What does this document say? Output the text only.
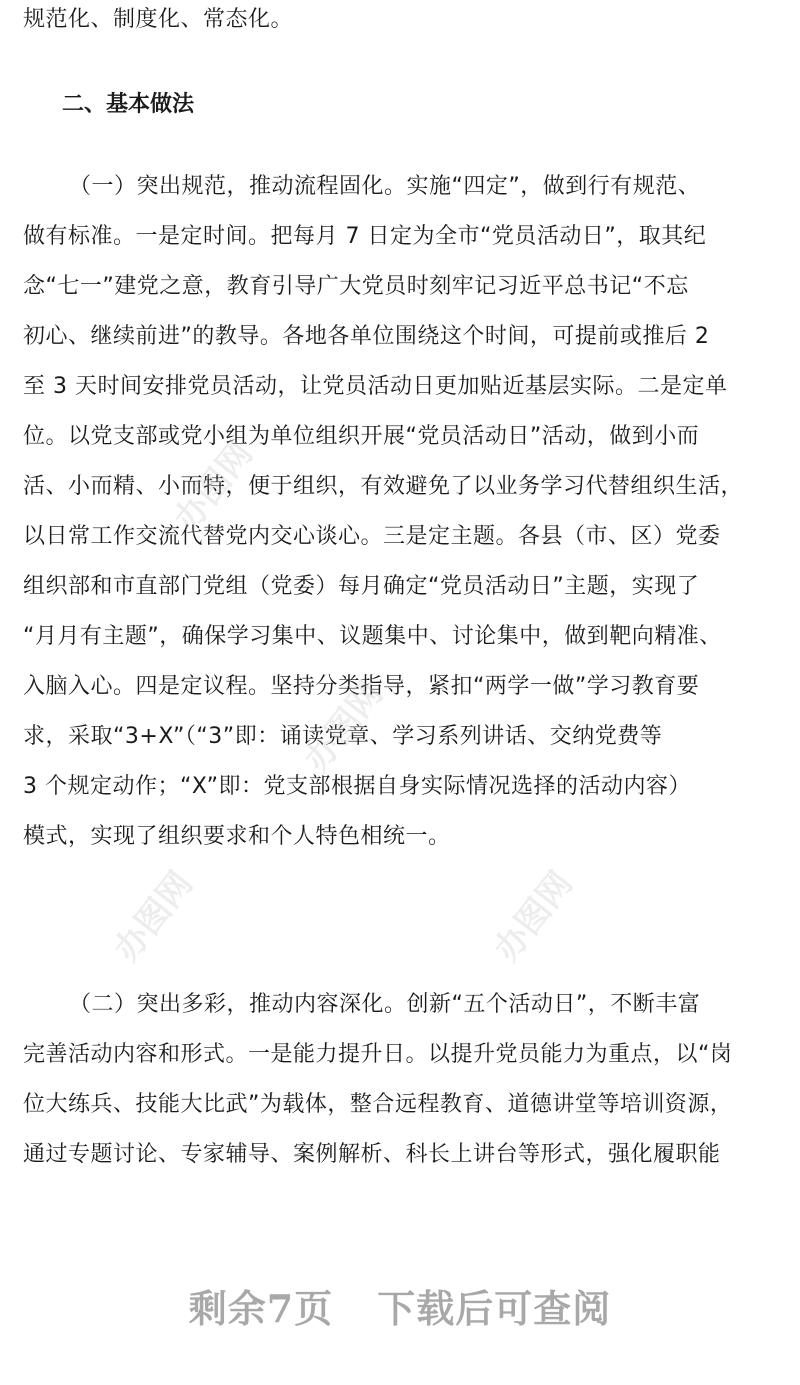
规范化、制度化、常态化。
二、基本做法
（一）突出规范，推动流程固化。实施“四定”，做到行有规范、
做有标准。一是定时间。把每月 7 日定为全市“党员活动日”，取其纪
念“七一”建党之意，教育引导广大党员时刻牢记习近平总书记“不忘
初心、继续前进”的教导。各地各单位围绕这个时间，可提前或推后 2
至 3 天时间安排党员活动，让党员活动日更加贴近基层实际。二是定单
位。以党支部或党小组为单位组织开展“党员活动日”活动，做到小而
活、小而精、小而特，便于组织，有效避免了以业务学习代替组织生活，
以日常工作交流代替党内交心谈心。三是定主题。各县（市、区）党委
组织部和市直部门党组（党委）每月确定“党员活动日”主题，实现了
“月月有主题”，确保学习集中、议题集中、讨论集中，做到靶向精准、
入脑入心。四是定议程。坚持分类指导，紧扣“两学一做”学习教育要
求，采取“3+X”（“3”即：诵读党章、学习系列讲话、交纳党费等
3 个规定动作；“X”即：党支部根据自身实际情况选择的活动内容）
模式，实现了组织要求和个人特色相统一。
（二）突出多彩，推动内容深化。创新“五个活动日”，不断丰富
完善活动内容和形式。一是能力提升日。以提升党员能力为重点，以“岗
位大练兵、技能大比武”为载体，整合远程教育、道德讲堂等培训资源，
通过专题讨论、专家辅导、案例解析、科长上讲台等形式，强化履职能
办图网
办图网
办图网	办图网
剩余7页 下载后可查阅
